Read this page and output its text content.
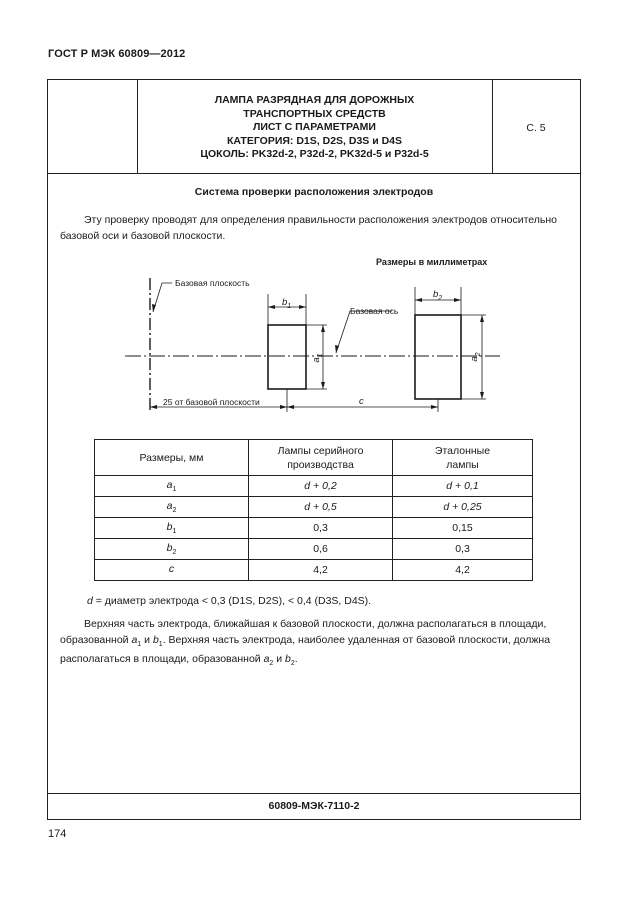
ГОСТ Р МЭК 60809—2012
ЛАМПА РАЗРЯДНАЯ ДЛЯ ДОРОЖНЫХ
ТРАНСПОРТНЫХ СРЕДСТВ
ЛИСТ С ПАРАМЕТРАМИ
КАТЕГОРИЯ: D1S, D2S, D3S и D4S
ЦОКОЛЬ: PK32d-2, P32d-2, PK32d-5 и P32d-5
С. 5
Система проверки расположения электродов
Эту проверку проводят для определения правильности расположения электродов относительно базовой оси и базовой плоскости.
Размеры в миллиметрах
Базовая плоскость
Базовая ось
25 от базовой плоскости	c
$b_1$
$b_2$
$a_1$
$a_2$
Размеры, мм	Лампы серийного производства	Эталонные лампы

$a_1$	d + 0,2	d + 0,1
$a_2$	d + 0,5	d + 0,25
$b_1$	0,3	0,15
$b_2$	0,6	0,3
c	4,2	4,2
d = диаметр электрода < 0,3 (D1S, D2S), < 0,4 (D3S, D4S).
Верхняя часть электрода, ближайшая к базовой плоскости, должна располагаться в площади, образованной $a_1$ и $b_1$. Верхняя часть электрода, наиболее удаленная от базовой плоскости, должна располагаться в площади, образованной $a_2$ и $b_2$.
60809-МЭК-7110-2
174
